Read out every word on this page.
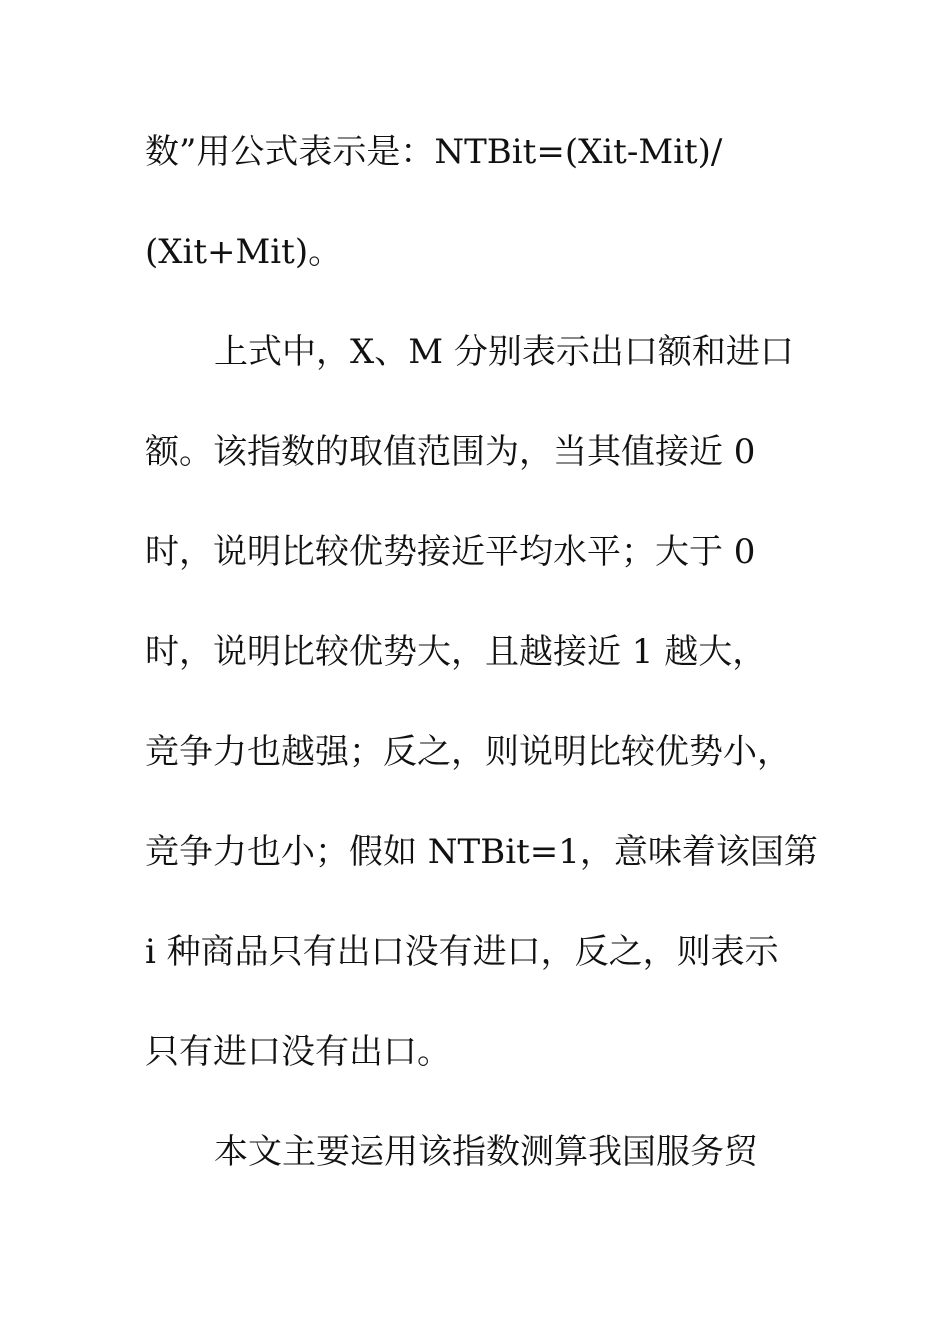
数”用公式表示是：NTBit=(Xit-Mit)/
(Xit+Mit)。
上式中，X、M 分别表示出口额和进口
额。该指数的取值范围为，当其值接近 0
时，说明比较优势接近平均水平；大于 0
时，说明比较优势大，且越接近 1 越大，
竞争力也越强；反之，则说明比较优势小，
竞争力也小；假如 NTBit=1，意味着该国第
i 种商品只有出口没有进口，反之，则表示
只有进口没有出口。
本文主要运用该指数测算我国服务贸
